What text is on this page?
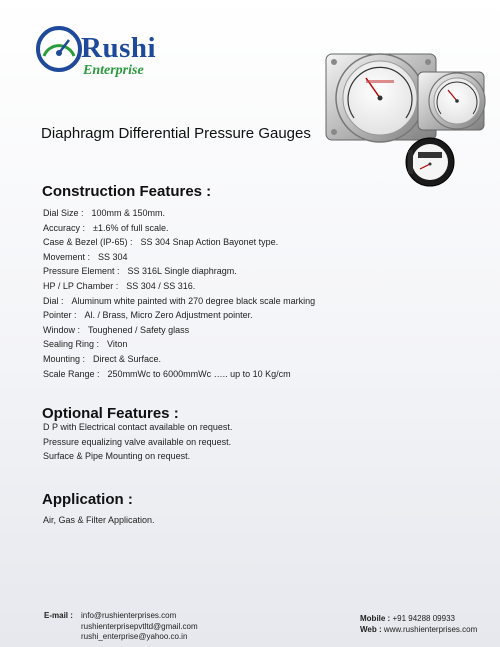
Rushi
Enterprise
Diaphragm Differential Pressure Gauges
Construction Features :
Dial Size : 100mm & 150mm.
Accuracy : ±1.6% of full scale.
Case & Bezel (IP-65) : SS 304 Snap Action Bayonet type.
Movement : SS 304
Pressure Element : SS 316L Single diaphragm.
HP / LP Chamber : SS 304 / SS 316.
Dial : Aluminum white painted with 270 degree black scale marking
Pointer : Al. / Brass, Micro Zero Adjustment pointer.
Window : Toughened / Safety glass
Sealing Ring : Viton
Mounting : Direct & Surface.
Scale Range : 250mmWc to 6000mmWc ….. up to 10 Kg/cm
Optional Features :
D P with Electrical contact available on request.
Pressure equalizing valve available on request.
Surface & Pipe Mounting on request.
Application :
Air, Gas & Filter Application.
E-mail : info@rushienterprises.com
rushienterprisepvtltd@gmail.com
rushi_enterprise@yahoo.co.in
Mobile : +91 94288 09933
Web : www.rushienterprises.com
